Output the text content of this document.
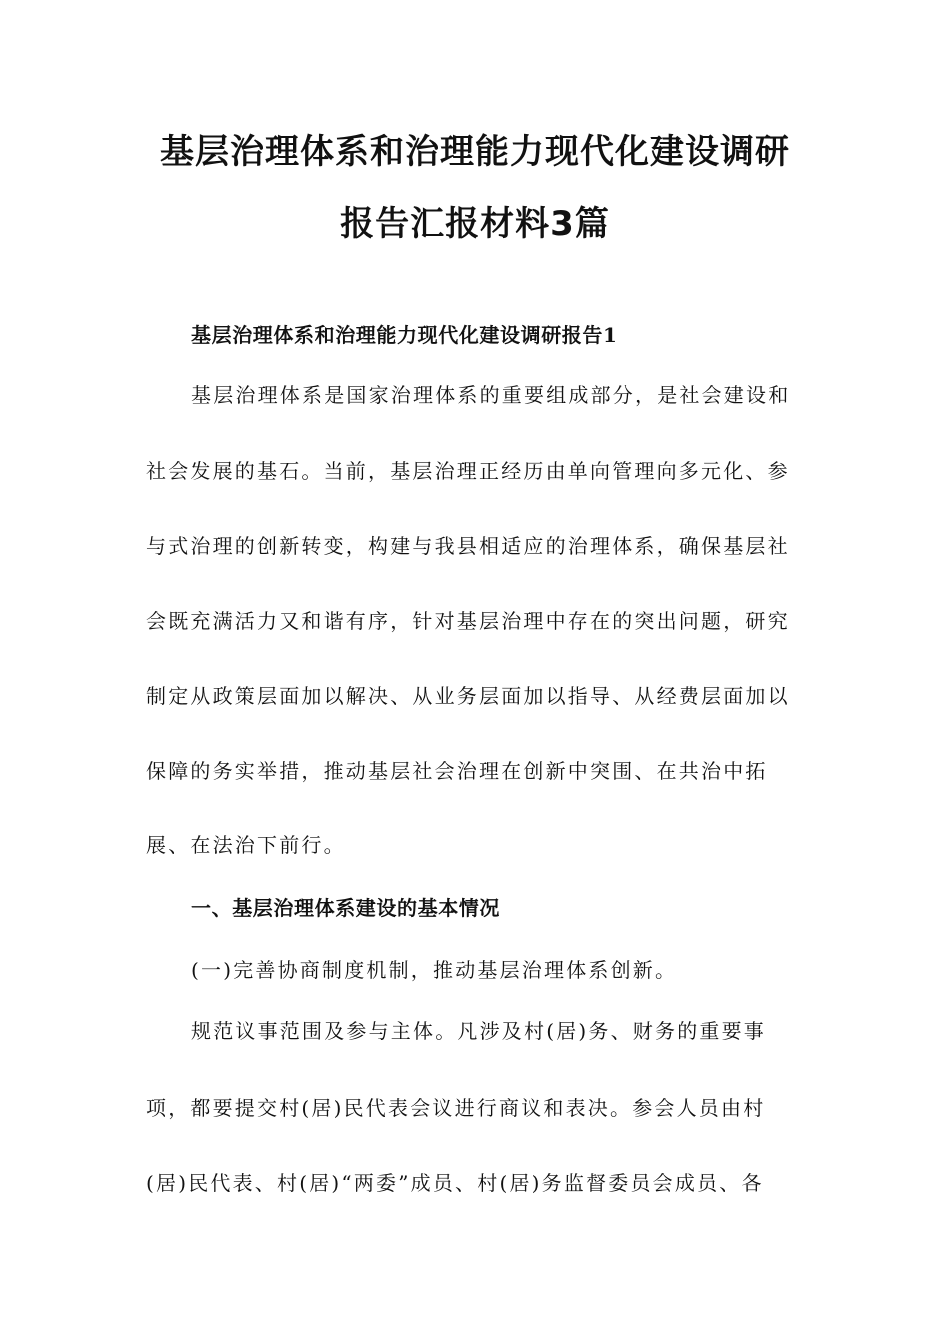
基层治理体系和治理能力现代化建设调研
报告汇报材料3篇
基层治理体系和治理能力现代化建设调研报告1
基层治理体系是国家治理体系的重要组成部分，是社会建设和
社会发展的基石。当前，基层治理正经历由单向管理向多元化、参
与式治理的创新转变，构建与我县相适应的治理体系，确保基层社
会既充满活力又和谐有序，针对基层治理中存在的突出问题，研究
制定从政策层面加以解决、从业务层面加以指导、从经费层面加以
保障的务实举措，推动基层社会治理在创新中突围、在共治中拓
展、在法治下前行。
一、基层治理体系建设的基本情况
(一)完善协商制度机制，推动基层治理体系创新。
规范议事范围及参与主体。凡涉及村(居)务、财务的重要事
项，都要提交村(居)民代表会议进行商议和表决。参会人员由村
(居)民代表、村(居)“两委”成员、村(居)务监督委员会成员、各
